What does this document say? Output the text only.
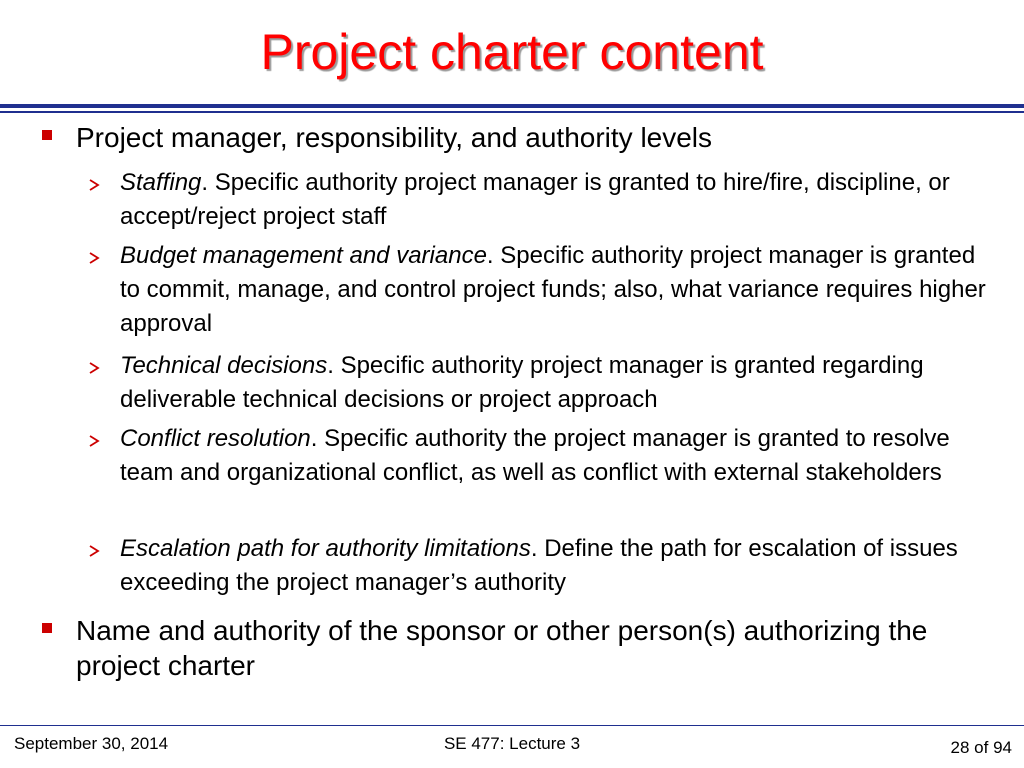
Project charter content
Project manager, responsibility, and authority levels
Staffing. Specific authority project manager is granted to hire/fire, discipline, or accept/reject project staff
Budget management and variance. Specific authority project manager is granted to commit, manage, and control project funds; also, what variance requires higher approval
Technical decisions. Specific authority project manager is granted regarding deliverable technical decisions or project approach
Conflict resolution. Specific authority the project manager is granted to resolve team and organizational conflict, as well as conflict with external stakeholders
Escalation path for authority limitations. Define the path for escalation of issues exceeding the project manager’s authority
Name and authority of the sponsor or other person(s) authorizing the project charter
September 30, 2014	SE 477: Lecture 3	28 of 94
